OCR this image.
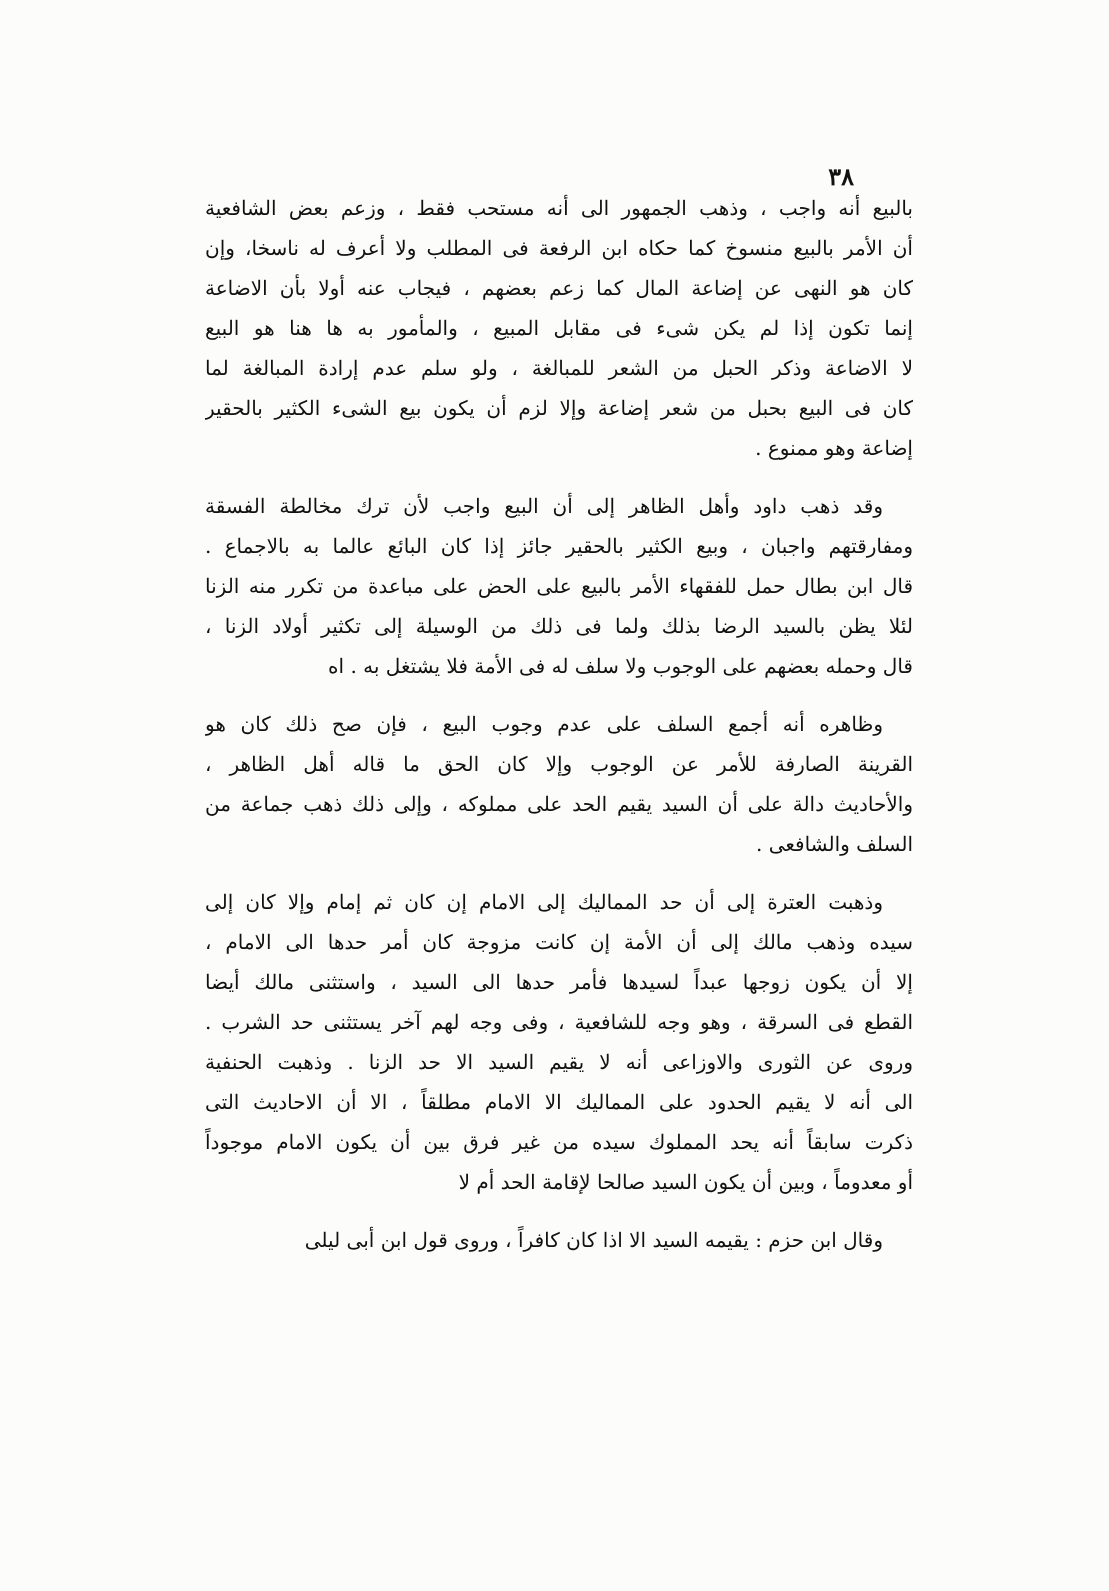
٣٨
بالبيع أنه واجب ، وذهب الجمهور الى أنه مستحب فقط ، وزعم بعض الشافعية
أن الأمر بالبيع منسوخ كما حكاه ابن الرفعة فى المطلب ولا أعرف له ناسخا، وإن
كان هو النهى عن إضاعة المال كما زعم بعضهم ، فيجاب عنه أولا بأن الاضاعة
إنما تكون إذا لم يكن شىء فى مقابل المبيع ، والمأمور به ها هنا هو البيع
لا الاضاعة وذكر الحبل من الشعر للمبالغة ، ولو سلم عدم إرادة المبالغة لما
كان فى البيع بحبل من شعر إضاعة وإلا لزم أن يكون بيع الشىء الكثير بالحقير
إضاعة وهو ممنوع .
وقد ذهب داود وأهل الظاهر إلى أن البيع واجب لأن ترك مخالطة الفسقة
ومفارقتهم واجبان ، وبيع الكثير بالحقير جائز إذا كان البائع عالما به بالاجماع .
قال ابن بطال حمل للفقهاء الأمر بالبيع على الحض على مباعدة من تكرر منه الزنا
لئلا يظن بالسيد الرضا بذلك ولما فى ذلك من الوسيلة إلى تكثير أولاد الزنا ،
قال وحمله بعضهم على الوجوب ولا سلف له فى الأمة فلا يشتغل به . اه
وظاهره أنه أجمع السلف على عدم وجوب البيع ، فإن صح ذلك كان هو
القرينة الصارفة للأمر عن الوجوب وإلا كان الحق ما قاله أهل الظاهر ،
والأحاديث دالة على أن السيد يقيم الحد على مملوكه ، وإلى ذلك ذهب جماعة من
السلف والشافعى .
وذهبت العترة إلى أن حد المماليك إلى الامام إن كان ثم إمام وإلا كان إلى
سيده وذهب مالك إلى أن الأمة إن كانت مزوجة كان أمر حدها الى الامام ،
إلا أن يكون زوجها عبداً لسيدها فأمر حدها الى السيد ، واستثنى مالك أيضا
القطع فى السرقة ، وهو وجه للشافعية ، وفى وجه لهم آخر يستثنى حد الشرب .
وروى عن الثورى والاوزاعى أنه لا يقيم السيد الا حد الزنا . وذهبت الحنفية
الى أنه لا يقيم الحدود على المماليك الا الامام مطلقاً ، الا أن الاحاديث التى
ذكرت سابقاً أنه يحد المملوك سيده من غير فرق بين أن يكون الامام موجوداً
أو معدوماً ، وبين أن يكون السيد صالحا لإقامة الحد أم لا
وقال ابن حزم : يقيمه السيد الا اذا كان كافراً ، وروى قول ابن أبى ليلى
